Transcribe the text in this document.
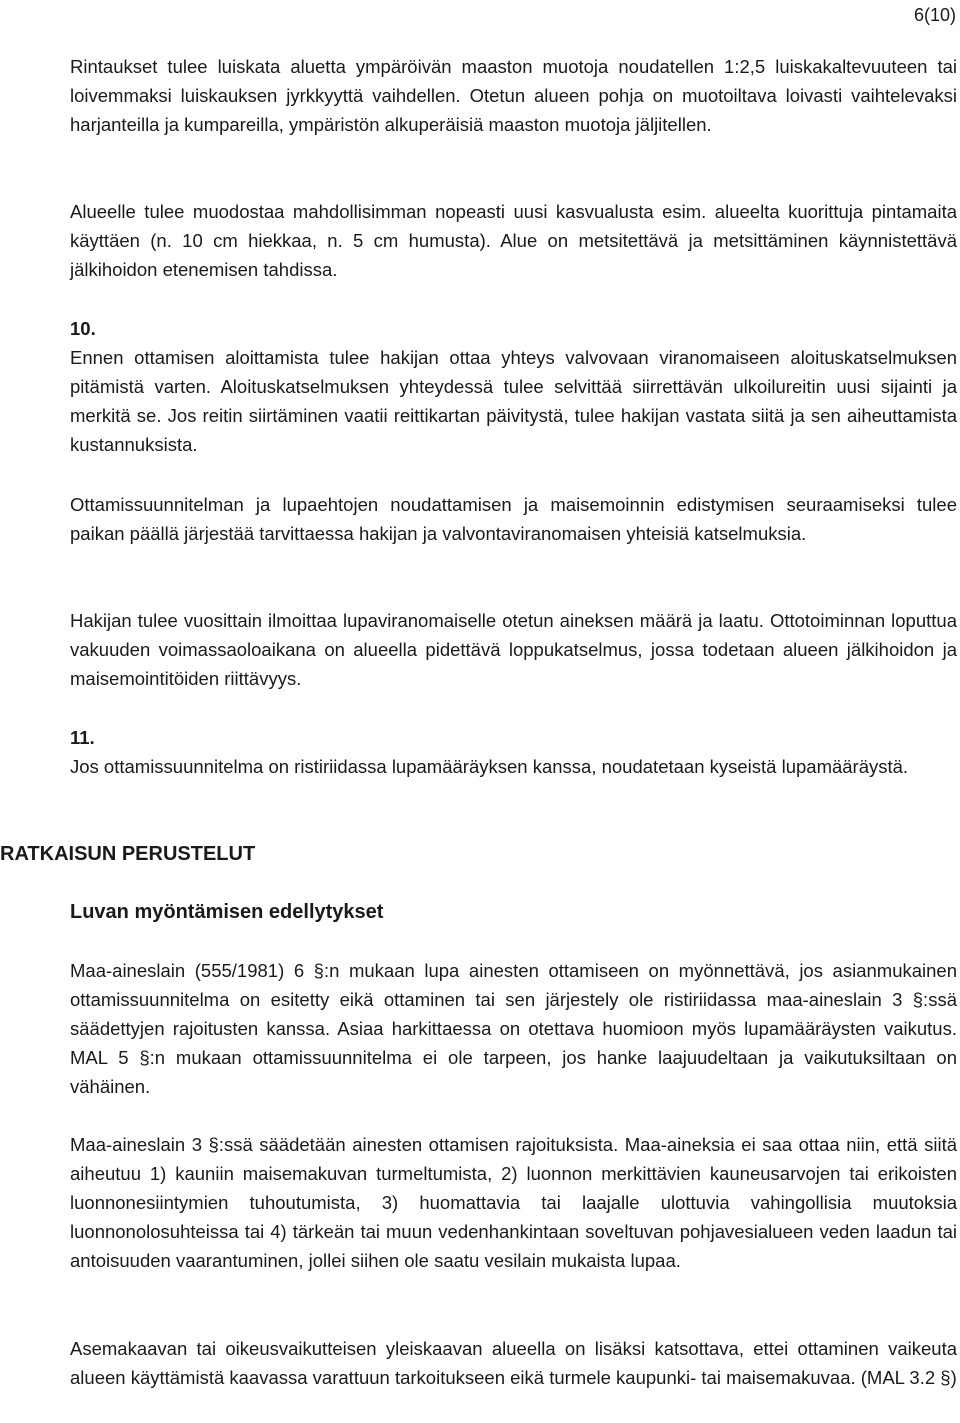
6(10)

Rintaukset tulee luiskata aluetta ympäröivän maaston muotoja noudatellen 1:2,5 luiskakaltevuuteen tai loivemmaksi luiskauksen jyrkkyyttä vaihdellen. Otetun alueen pohja on muotoiltava loivasti vaihtelevaksi harjanteilla ja kumpareilla, ympäristön alkuperäisiä maaston muotoja jäljitellen.

Alueelle tulee muodostaa mahdollisimman nopeasti uusi kasvualusta esim. alueelta kuorittuja pintamaita käyttäen (n. 10 cm hiekkaa, n. 5 cm humusta). Alue on metsitettävä ja metsittäminen käynnistettävä jälkihoidon etenemisen tahdissa.

10.

Ennen ottamisen aloittamista tulee hakijan ottaa yhteys valvovaan viranomaiseen aloituskatselmuksen pitämistä varten. Aloituskatselmuksen yhteydessä tulee selvittää siirrettävän ulkoilureitin uusi sijainti ja merkitä se. Jos reitin siirtäminen vaatii reittikartan päivitystä, tulee hakijan vastata siitä ja sen aiheuttamista kustannuksista.

Ottamissuunnitelman ja lupaehtojen noudattamisen ja maisemoinnin edistymisen seuraamiseksi tulee paikan päällä järjestää tarvittaessa hakijan ja valvontaviranomaisen yhteisiä katselmuksia.

Hakijan tulee vuosittain ilmoittaa lupaviranomaiselle otetun aineksen määrä ja laatu. Ottotoiminnan loputtua vakuuden voimassaoloaikana on alueella pidettävä loppukatselmus, jossa todetaan alueen jälkihoidon ja maisemointitöiden riittävyys.

11.

Jos ottamissuunnitelma on ristiriidassa lupamääräyksen kanssa, noudatetaan kyseistä lupamääräystä.

RATKAISUN PERUSTELUT
Luvan myöntämisen edellytykset

Maa-aineslain (555/1981) 6 §:n mukaan lupa ainesten ottamiseen on myönnettävä, jos asianmukainen ottamissuunnitelma on esitetty eikä ottaminen tai sen järjestely ole ristiriidassa maa-aineslain 3 §:ssä säädettyjen rajoitusten kanssa. Asiaa harkittaessa on otettava huomioon myös lupamääräysten vaikutus. MAL 5 §:n mukaan ottamissuunnitelma ei ole tarpeen, jos hanke laajuudeltaan ja vaikutuksiltaan on vähäinen.

Maa-aineslain 3 §:ssä säädetään ainesten ottamisen rajoituksista. Maa-aineksia ei saa ottaa niin, että siitä aiheutuu 1) kauniin maisemakuvan turmeltumista, 2) luonnon merkittävien kauneusarvojen tai erikoisten luonnonesiintymien tuhoutumista, 3) huomattavia tai laajalle ulottuvia vahingollisia muutoksia luonnonolosuhteissa tai 4) tärkeän tai muun vedenhankintaan soveltuvan pohjavesialueen veden laadun tai antoisuuden vaarantuminen, jollei siihen ole saatu vesilain mukaista lupaa.

Asemakaavan tai oikeusvaikutteisen yleiskaavan alueella on lisäksi katsottava, ettei ottaminen vaikeuta alueen käyttämistä kaavassa varattuun tarkoitukseen eikä turmele kaupunki- tai maisemakuvaa. (MAL 3.2 §)
